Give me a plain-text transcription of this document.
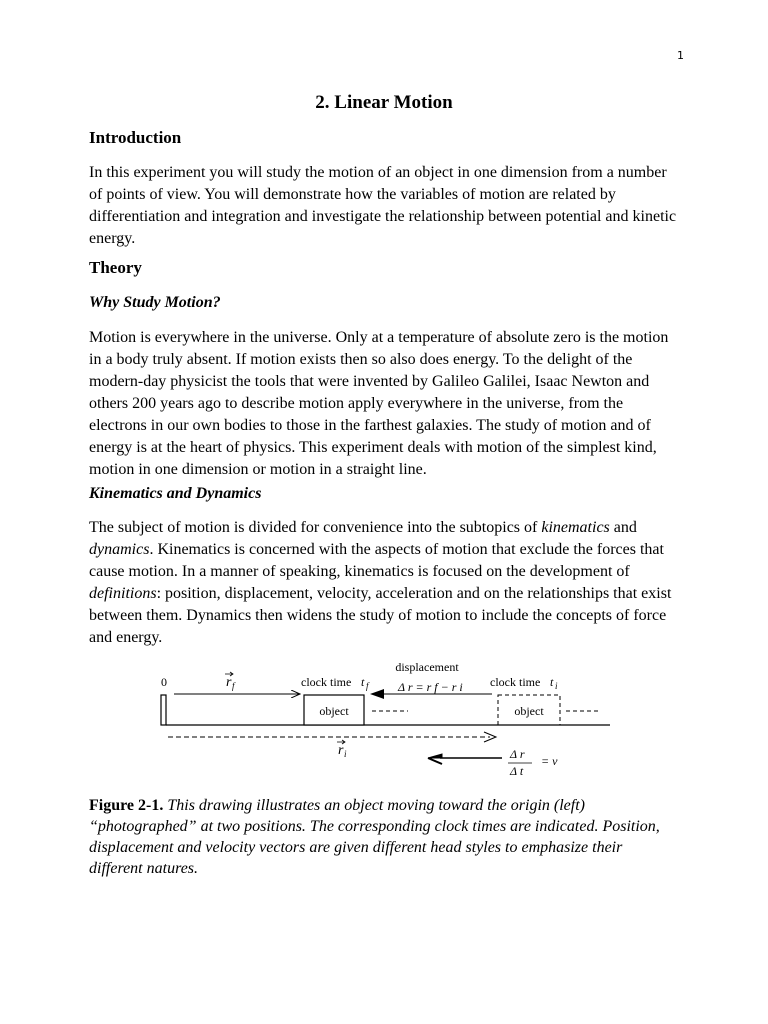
1
2. Linear Motion
Introduction

In this experiment you will study the motion of an object in one dimension from a number of points of view. You will demonstrate how the variables of motion are related by differentiation and integration and investigate the relationship between potential and kinetic energy.

Theory
Why Study Motion?

Motion is everywhere in the universe. Only at a temperature of absolute zero is the motion in a body truly absent. If motion exists then so also does energy. To the delight of the modern-day physicist the tools that were invented by Galileo Galilei, Isaac Newton and others 200 years ago to describe motion apply everywhere in the universe, from the electrons in our own bodies to those in the farthest galaxies. The study of motion and of energy is at the heart of physics. This experiment deals with motion of the simplest kind, motion in one dimension or motion in a straight line.

Kinematics and Dynamics

The subject of motion is divided for convenience into the subtopics of kinematics and dynamics. Kinematics is concerned with the aspects of motion that exclude the forces that cause motion. In a manner of speaking, kinematics is focused on the development of definitions: position, displacement, velocity, acceleration and on the relationships that exist between them. Dynamics then widens the study of motion to include the concepts of force and energy.

0	r f	clock time t f
object
displacement
Δ r = r f − r i clock time t i
object
r i	Δ r
Δ t
= v

Figure 2-1. This drawing illustrates an object moving toward the origin (left) “photographed” at two positions. The corresponding clock times are indicated. Position, displacement and velocity vectors are given different head styles to emphasize their different natures.
